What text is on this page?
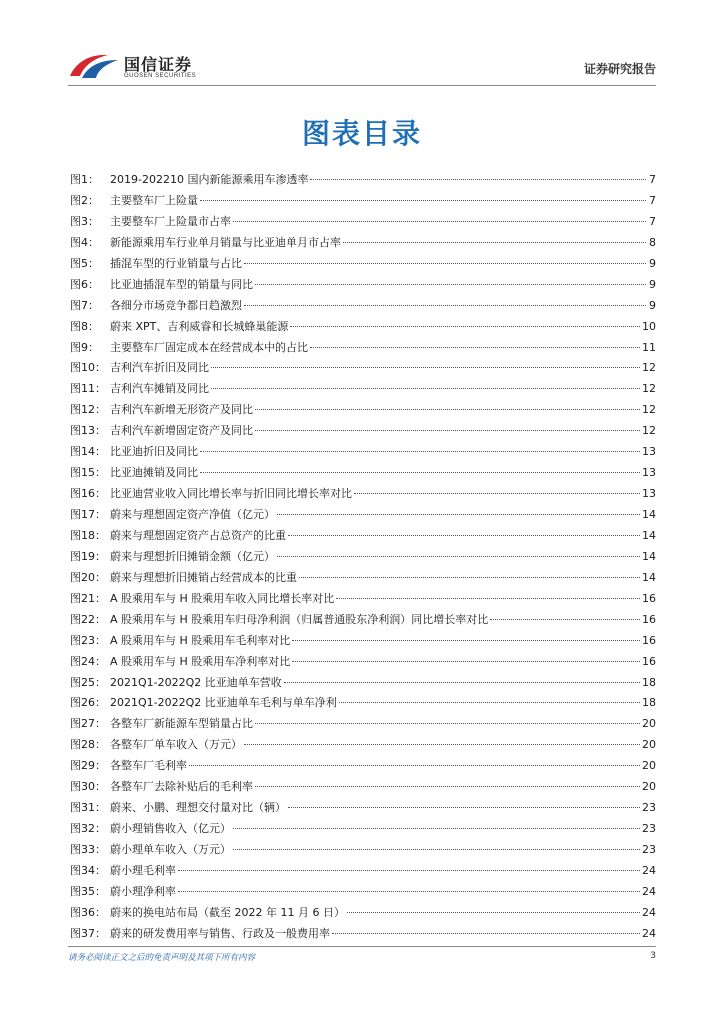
国信证券
GUOSEN SECURITIES	证券研究报告
图表目录
图1：	2019-202210 国内新能源乘用车渗透率	7
图2：	主要整车厂上险量	7
图3：	主要整车厂上险量市占率	7
图4：	新能源乘用车行业单月销量与比亚迪单月市占率	8
图5：	插混车型的行业销量与占比	9
图6：	比亚迪插混车型的销量与同比	9
图7：	各细分市场竞争都日趋激烈	9
图8：	蔚来 XPT、吉利威睿和长城蜂巢能源	10
图9：	主要整车厂固定成本在经营成本中的占比	11
图10： 吉利汽车折旧及同比	12
图11： 吉利汽车摊销及同比	12
图12： 吉利汽车新增无形资产及同比	12
图13： 吉利汽车新增固定资产及同比	12
图14： 比亚迪折旧及同比	13
图15： 比亚迪摊销及同比	13
图16： 比亚迪营业收入同比增长率与折旧同比增长率对比	13
图17： 蔚来与理想固定资产净值（亿元）	14
图18： 蔚来与理想固定资产占总资产的比重	14
图19： 蔚来与理想折旧摊销金额（亿元）	14
图20： 蔚来与理想折旧摊销占经营成本的比重	14
图21： A 股乘用车与 H 股乘用车收入同比增长率对比	16
图22： A 股乘用车与 H 股乘用车归母净利润（归属普通股东净利润）同比增长率对比	16
图23： A 股乘用车与 H 股乘用车毛利率对比	16
图24： A 股乘用车与 H 股乘用车净利率对比	16
图25： 2021Q1-2022Q2 比亚迪单车营收	18
图26： 2021Q1-2022Q2 比亚迪单车毛利与单车净利	18
图27： 各整车厂新能源车型销量占比	20
图28： 各整车厂单车收入（万元）	20
图29： 各整车厂毛利率	20
图30： 各整车厂去除补贴后的毛利率	20
图31： 蔚来、小鹏、理想交付量对比（辆）	23
图32： 蔚小理销售收入（亿元）	23
图33： 蔚小理单车收入（万元）	23
图34： 蔚小理毛利率	24
图35： 蔚小理净利率	24
图36： 蔚来的换电站布局（截至 2022 年 11 月 6 日）	24
图37： 蔚来的研发费用率与销售、行政及一般费用率	24
请务必阅读正文之后的免责声明及其项下所有内容	3
